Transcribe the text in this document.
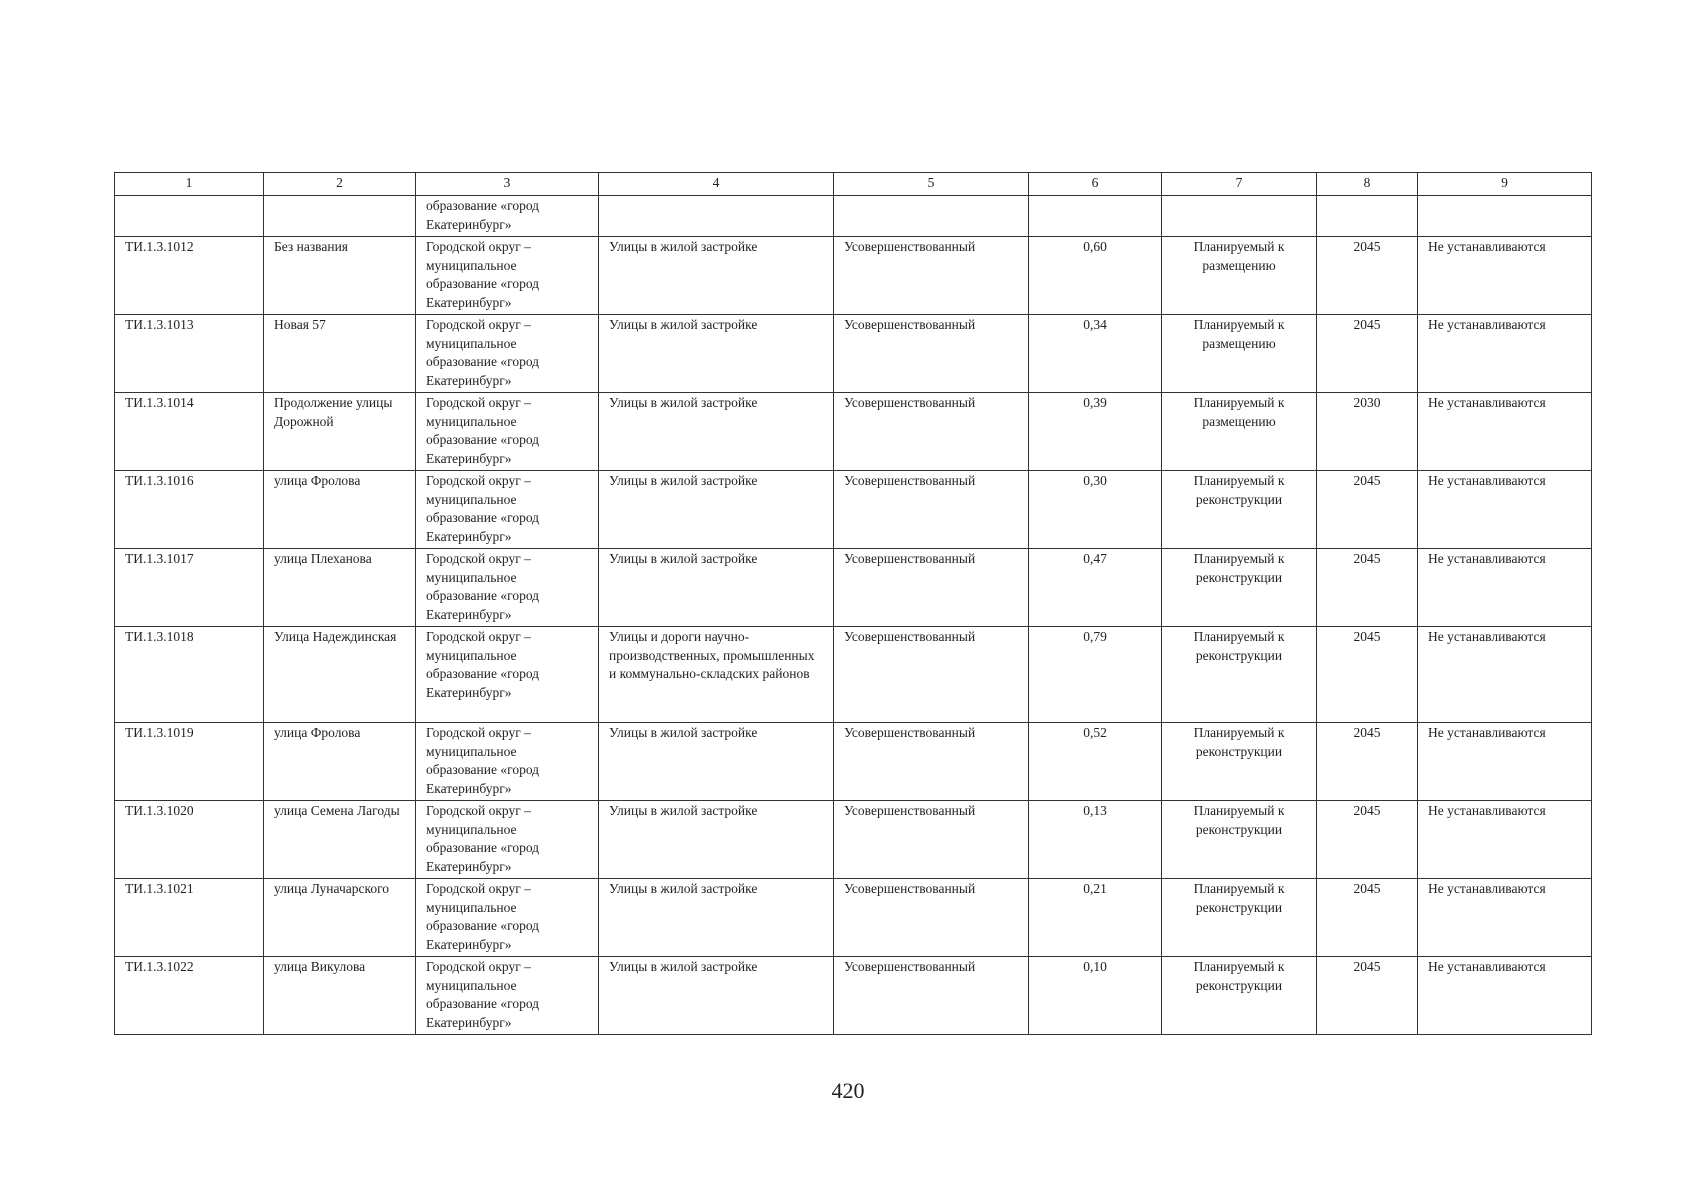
1	2	3	4	5	6	7	8	9
		образование «город Екатеринбург»						
ТИ.1.3.1012	Без названия	Городской округ – муниципальное образование «город Екатеринбург»	Улицы в жилой застройке	Усовершенствованный	0,60	Планируемый к размещению	2045	Не устанавливаются
ТИ.1.3.1013	Новая 57	Городской округ – муниципальное образование «город Екатеринбург»	Улицы в жилой застройке	Усовершенствованный	0,34	Планируемый к размещению	2045	Не устанавливаются
ТИ.1.3.1014	Продолжение улицы Дорожной	Городской округ – муниципальное образование «город Екатеринбург»	Улицы в жилой застройке	Усовершенствованный	0,39	Планируемый к размещению	2030	Не устанавливаются
ТИ.1.3.1016	улица Фролова	Городской округ – муниципальное образование «город Екатеринбург»	Улицы в жилой застройке	Усовершенствованный	0,30	Планируемый к реконструкции	2045	Не устанавливаются
ТИ.1.3.1017	улица Плеханова	Городской округ – муниципальное образование «город Екатеринбург»	Улицы в жилой застройке	Усовершенствованный	0,47	Планируемый к реконструкции	2045	Не устанавливаются
ТИ.1.3.1018	Улица Надеждинская	Городской округ – муниципальное образование «город Екатеринбург»	Улицы и дороги научно-производственных, промышленных и коммунально-складских районов	Усовершенствованный	0,79	Планируемый к реконструкции	2045	Не устанавливаются
ТИ.1.3.1019	улица Фролова	Городской округ – муниципальное образование «город Екатеринбург»	Улицы в жилой застройке	Усовершенствованный	0,52	Планируемый к реконструкции	2045	Не устанавливаются
ТИ.1.3.1020	улица Семена Лагоды	Городской округ – муниципальное образование «город Екатеринбург»	Улицы в жилой застройке	Усовершенствованный	0,13	Планируемый к реконструкции	2045	Не устанавливаются
ТИ.1.3.1021	улица Луначарского	Городской округ – муниципальное образование «город Екатеринбург»	Улицы в жилой застройке	Усовершенствованный	0,21	Планируемый к реконструкции	2045	Не устанавливаются
ТИ.1.3.1022	улица Викулова	Городской округ – муниципальное образование «город Екатеринбург»	Улицы в жилой застройке	Усовершенствованный	0,10	Планируемый к реконструкции	2045	Не устанавливаются
420
